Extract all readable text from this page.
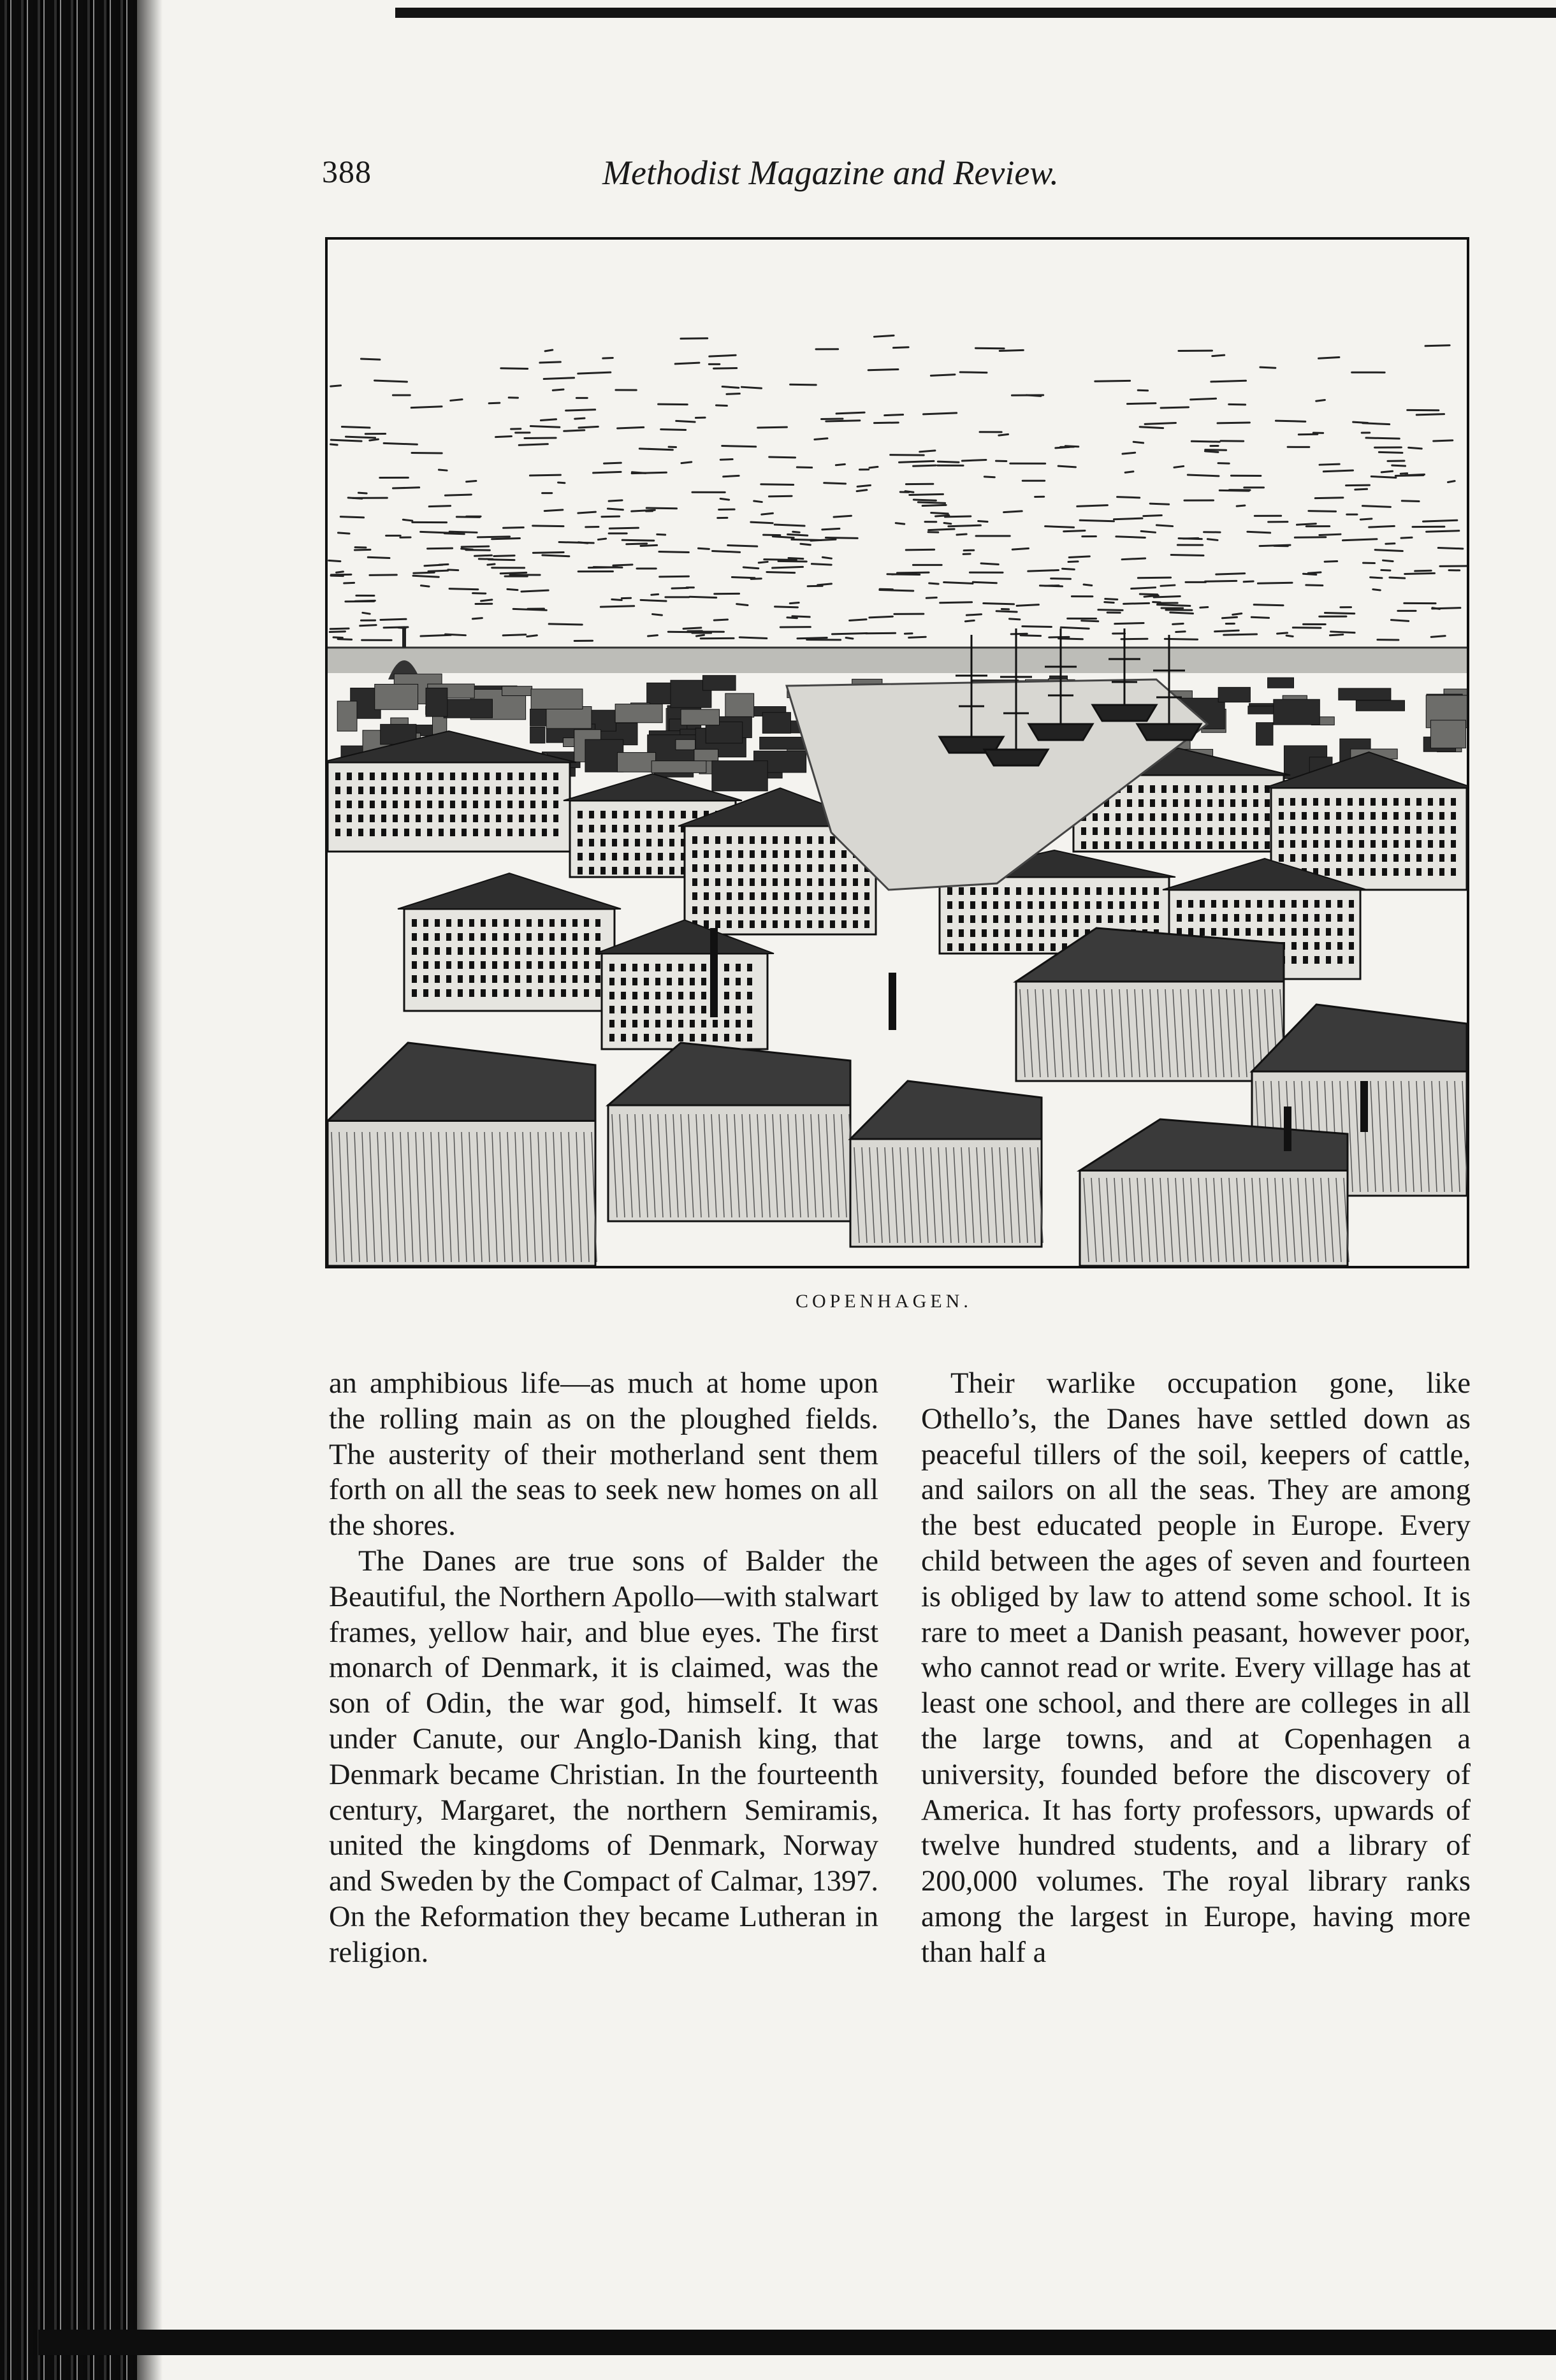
388	Methodist Magazine and Review.
COPENHAGEN.

an amphibious life—as much at home upon the rolling main as on the ploughed fields. The austerity of their motherland sent them forth on all the seas to seek new homes on all the shores.

The Danes are true sons of Balder the Beautiful, the Northern Apollo—with stalwart frames, yellow hair, and blue eyes. The first monarch of Denmark, it is claimed, was the son of Odin, the war god, himself. It was under Canute, our Anglo-Danish king, that Denmark became Christian. In the fourteenth century, Margaret, the northern Semiramis, united the kingdoms of Denmark, Norway and Sweden by the Compact of Calmar, 1397. On the Reformation they became Lutheran in religion.

Their warlike occupation gone, like Othello’s, the Danes have settled down as peaceful tillers of the soil, keepers of cattle, and sailors on all the seas. They are among the best educated people in Europe. Every child between the ages of seven and fourteen is obliged by law to attend some school. It is rare to meet a Danish peasant, however poor, who cannot read or write. Every village has at least one school, and there are colleges in all the large towns, and at Copenhagen a university, founded before the discovery of America. It has forty professors, upwards of twelve hundred students, and a library of 200,000 volumes. The royal library ranks among the largest in Europe, having more than half a
